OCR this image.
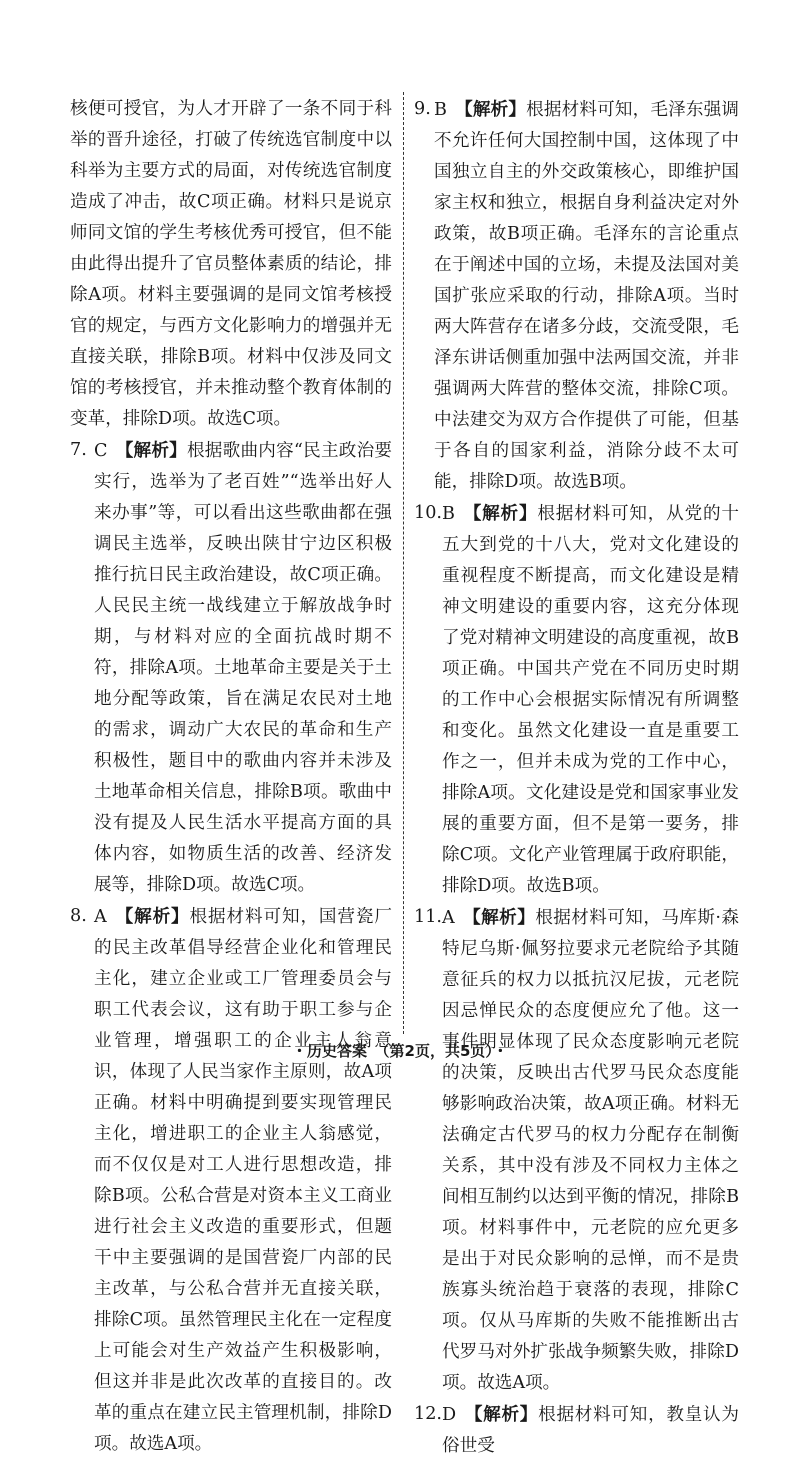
核便可授官，为人才开辟了一条不同于科举的晋升途径，打破了传统选官制度中以科举为主要方式的局面，对传统选官制度造成了冲击，故C项正确。材料只是说京师同文馆的学生考核优秀可授官，但不能由此得出提升了官员整体素质的结论，排除A项。材料主要强调的是同文馆考核授官的规定，与西方文化影响力的增强并无直接关联，排除B项。材料中仅涉及同文馆的考核授官，并未推动整个教育体制的变革，排除D项。故选C项。

7. C 【解析】根据歌曲内容“民主政治要实行，选举为了老百姓”“选举出好人来办事”等，可以看出这些歌曲都在强调民主选举，反映出陕甘宁边区积极推行抗日民主政治建设，故C项正确。人民民主统一战线建立于解放战争时期，与材料对应的全面抗战时期不符，排除A项。土地革命主要是关于土地分配等政策，旨在满足农民对土地的需求，调动广大农民的革命和生产积极性，题目中的歌曲内容并未涉及土地革命相关信息，排除B项。歌曲中没有提及人民生活水平提高方面的具体内容，如物质生活的改善、经济发展等，排除D项。故选C项。
8. A 【解析】根据材料可知，国营瓷厂的民主改革倡导经营企业化和管理民主化，建立企业或工厂管理委员会与职工代表会议，这有助于职工参与企业管理，增强职工的企业主人翁意识，体现了人民当家作主原则，故A项正确。材料中明确提到要实现管理民主化，增进职工的企业主人翁感觉，而不仅仅是对工人进行思想改造，排除B项。公私合营是对资本主义工商业进行社会主义改造的重要形式，但题干中主要强调的是国营瓷厂内部的民主改革，与公私合营并无直接关联，排除C项。虽然管理民主化在一定程度上可能会对生产效益产生积极影响，但这并非是此次改革的直接目的。改革的重点在建立民主管理机制，排除D项。故选A项。
9. B 【解析】根据材料可知，毛泽东强调不允许任何大国控制中国，这体现了中国独立自主的外交政策核心，即维护国家主权和独立，根据自身利益决定对外政策，故B项正确。毛泽东的言论重点在于阐述中国的立场，未提及法国对美国扩张应采取的行动，排除A项。当时两大阵营存在诸多分歧，交流受限，毛泽东讲话侧重加强中法两国交流，并非强调两大阵营的整体交流，排除C项。中法建交为双方合作提供了可能，但基于各自的国家利益，消除分歧不太可能，排除D项。故选B项。
10. B 【解析】根据材料可知，从党的十五大到党的十八大，党对文化建设的重视程度不断提高，而文化建设是精神文明建设的重要内容，这充分体现了党对精神文明建设的高度重视，故B项正确。中国共产党在不同历史时期的工作中心会根据实际情况有所调整和变化。虽然文化建设一直是重要工作之一，但并未成为党的工作中心，排除A项。文化建设是党和国家事业发展的重要方面，但不是第一要务，排除C项。文化产业管理属于政府职能，排除D项。故选B项。
11. A 【解析】根据材料可知，马库斯·森特尼乌斯·佩努拉要求元老院给予其随意征兵的权力以抵抗汉尼拔，元老院因忌惮民众的态度便应允了他。这一事件明显体现了民众态度影响元老院的决策，反映出古代罗马民众态度能够影响政治决策，故A项正确。材料无法确定古代罗马的权力分配存在制衡关系，其中没有涉及不同权力主体之间相互制约以达到平衡的情况，排除B项。材料事件中，元老院的应允更多是出于对民众影响的忌惮，而不是贵族寡头统治趋于衰落的表现，排除C项。仅从马库斯的失败不能推断出古代罗马对外扩张战争频繁失败，排除D项。故选A项。
12. D 【解析】根据材料可知，教皇认为俗世受
・历史答案　（第2页，共5页）・
